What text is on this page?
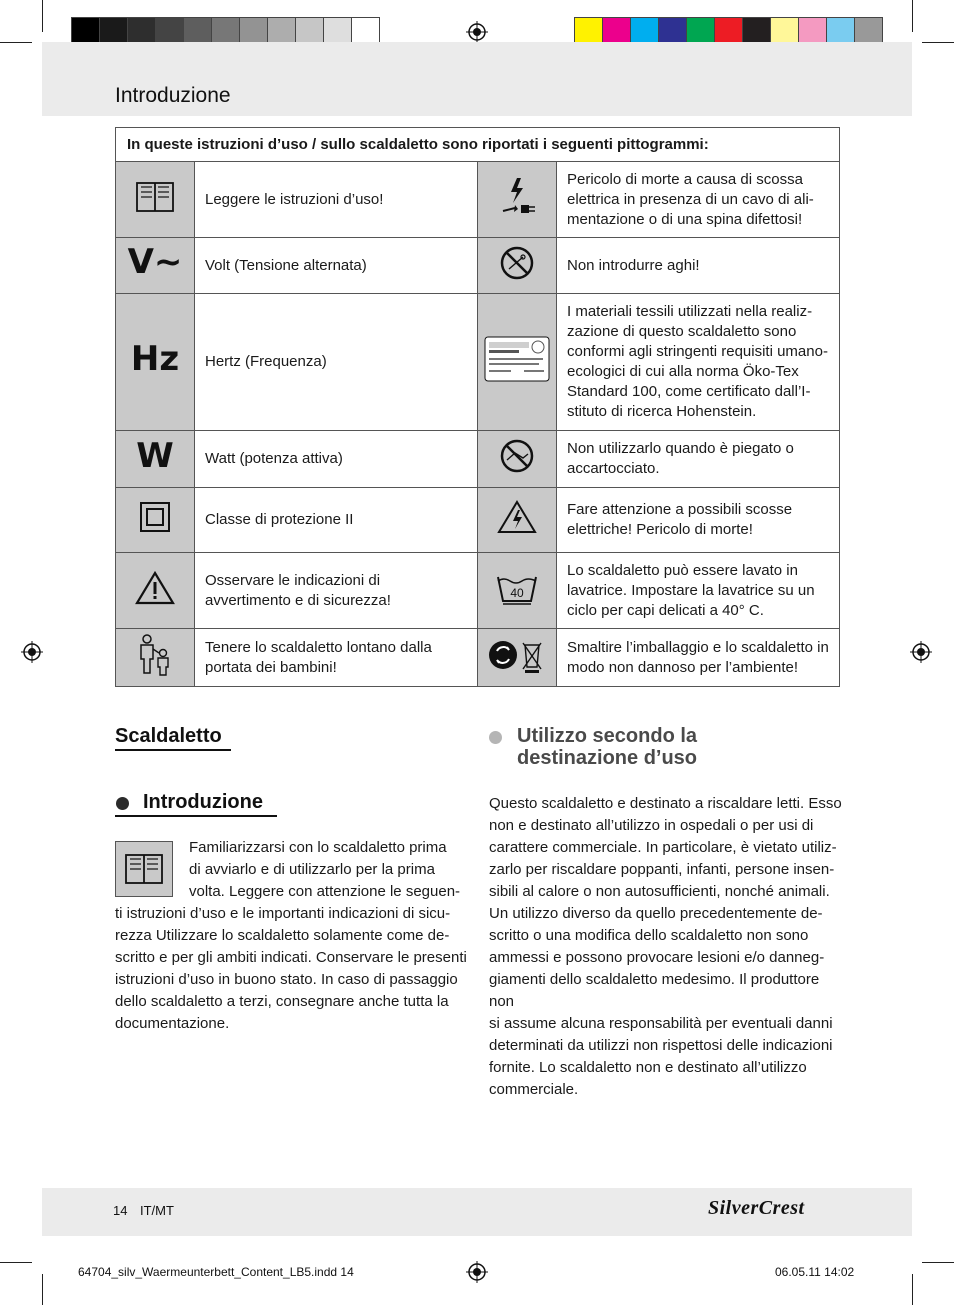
Introduzione
In queste istruzioni d’uso / sullo scaldaletto sono riportati i seguenti pittogrammi:			
	Leggere le istruzioni d’uso!		Pericolo di morte a causa di scossa elettrica in presenza di un cavo di ali-mentazione o di una spina difettosi!
V~	Volt (Tensione alternata)		Non introdurre aghi!
Hz	Hertz (Frequenza)		I materiali tessili utilizzati nella realiz-zazione di questo scaldaletto sono conformi agli stringenti requisiti umano-ecologici di cui alla norma Öko-Tex Standard 100, come certificato dall’I-stituto di ricerca Hohenstein.
W	Watt (potenza attiva)		Non utilizzarlo quando è piegato o accartocciato.
	Classe di protezione II		Fare attenzione a possibili scosse elettriche! Pericolo di morte!
	Osservare le indicazioni di avvertimento e di sicurezza!	40	Lo scaldaletto può essere lavato in lavatrice. Impostare la lavatrice su un ciclo per capi delicati a 40° C.
	Tenere lo scaldaletto lontano dalla portata dei bambini!		Smaltire l’imballaggio e lo scaldaletto in modo non dannoso per l’ambiente!
Scaldaletto
Introduzione
Familiarizzarsi con lo scaldaletto prima
di avviarlo e di utilizzarlo per la prima
volta. Leggere con attenzione le seguen-
ti istruzioni d’uso e le importanti indicazioni di sicu-
rezza Utilizzare lo scaldaletto solamente come de-
scritto e per gli ambiti indicati. Conservare le presenti
istruzioni d’uso in buono stato. In caso di passaggio
dello scaldaletto a terzi, consegnare anche tutta la
documentazione.
Utilizzo secondo la
destinazione d’uso
Questo scaldaletto e destinato a riscaldare letti. Esso
non e destinato all’utilizzo in ospedali o per usi di
carattere commerciale. In particolare, è vietato utiliz-
zarlo per riscaldare poppanti, infanti, persone insen-
sibili al calore o non autosufficienti, nonché animali.
Un utilizzo diverso da quello precedentemente de-
scritto o una modifica dello scaldaletto non sono
ammessi e possono provocare lesioni e/o danneg-
giamenti dello scaldaletto medesimo. Il produttore non
si assume alcuna responsabilità per eventuali danni
determinati da utilizzi non rispettosi delle indicazioni
fornite. Lo scaldaletto non e destinato all’utilizzo
commerciale.
14 IT/MT	SilverCrest
64704_silv_Waermeunterbett_Content_LB5.indd 14	06.05.11 14:02
